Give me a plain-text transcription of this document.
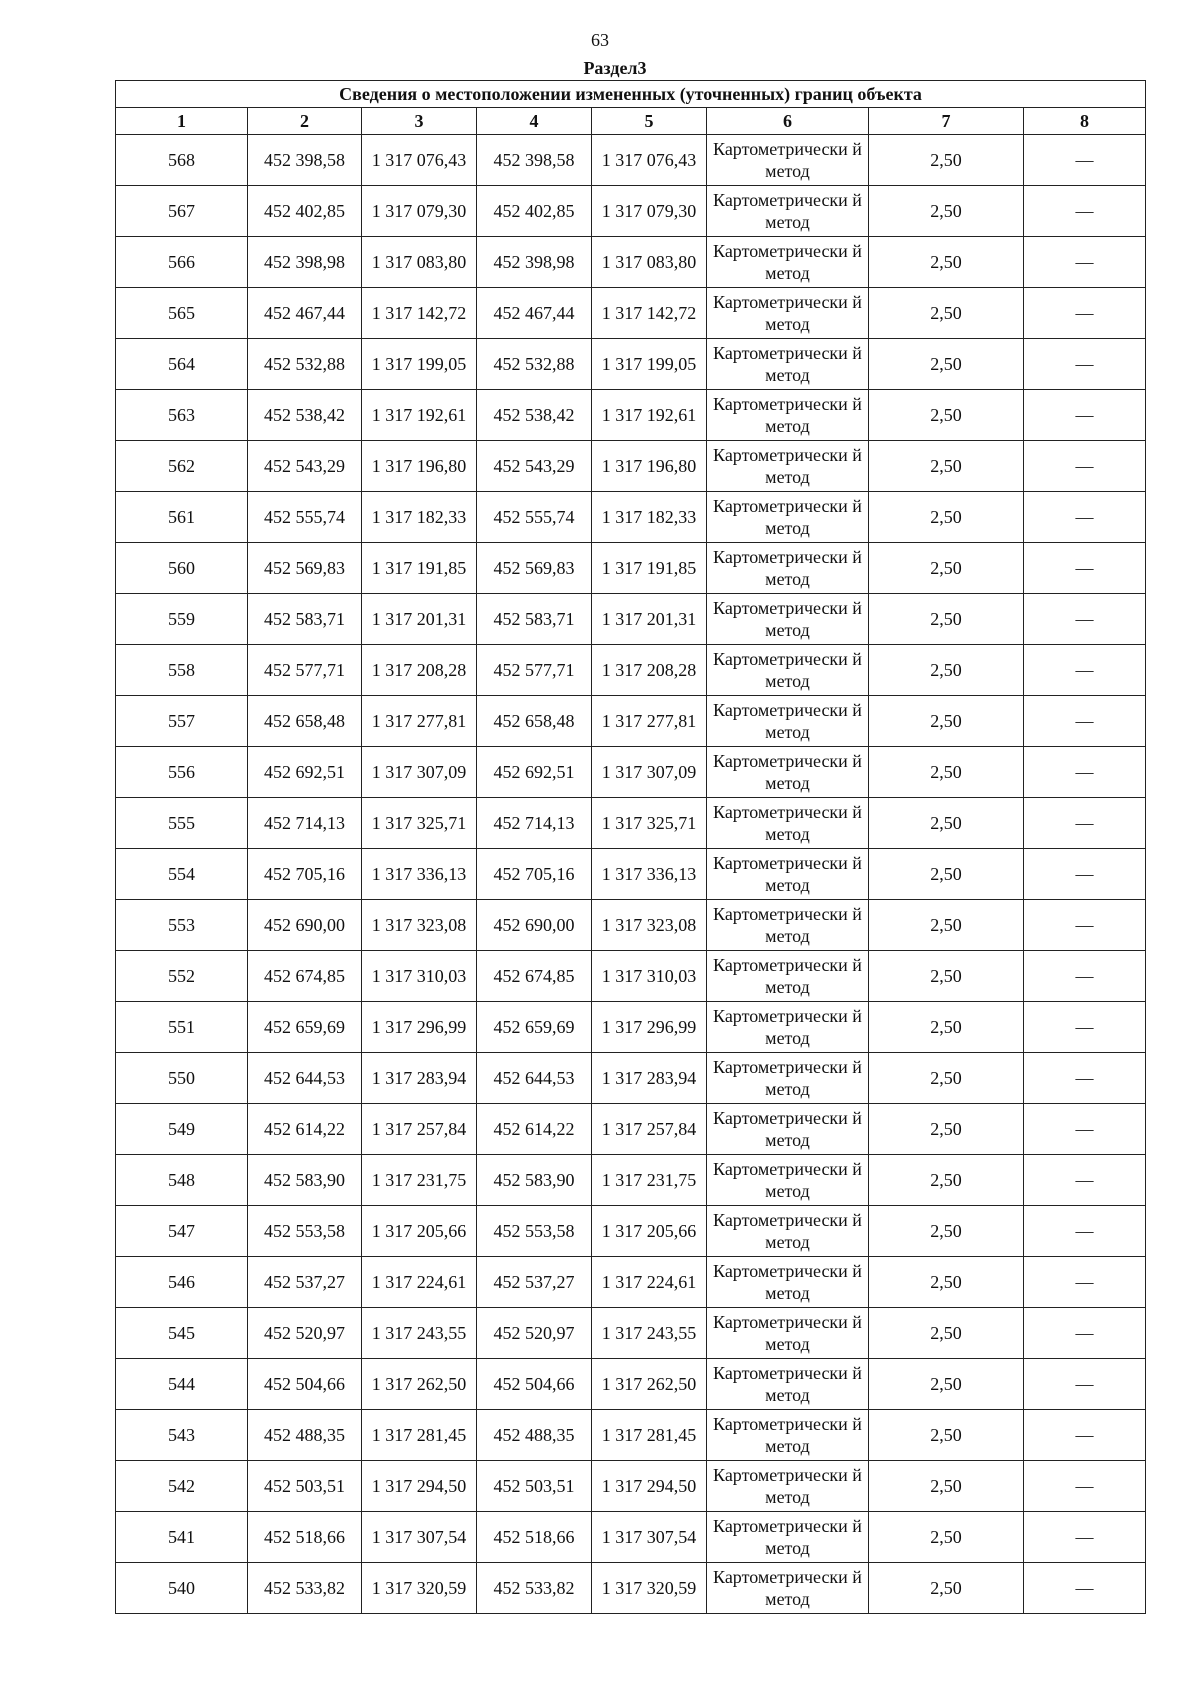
63
Раздел3
Сведения о местоположении измененных (уточненных) границ объекта							
1	2	3	4	5	6	7	8
568	452 398,58	1 317 076,43	452 398,58	1 317 076,43	Картометрически й метод	2,50	—
567	452 402,85	1 317 079,30	452 402,85	1 317 079,30	Картометрически й метод	2,50	—
566	452 398,98	1 317 083,80	452 398,98	1 317 083,80	Картометрически й метод	2,50	—
565	452 467,44	1 317 142,72	452 467,44	1 317 142,72	Картометрически й метод	2,50	—
564	452 532,88	1 317 199,05	452 532,88	1 317 199,05	Картометрически й метод	2,50	—
563	452 538,42	1 317 192,61	452 538,42	1 317 192,61	Картометрически й метод	2,50	—
562	452 543,29	1 317 196,80	452 543,29	1 317 196,80	Картометрически й метод	2,50	—
561	452 555,74	1 317 182,33	452 555,74	1 317 182,33	Картометрически й метод	2,50	—
560	452 569,83	1 317 191,85	452 569,83	1 317 191,85	Картометрически й метод	2,50	—
559	452 583,71	1 317 201,31	452 583,71	1 317 201,31	Картометрически й метод	2,50	—
558	452 577,71	1 317 208,28	452 577,71	1 317 208,28	Картометрически й метод	2,50	—
557	452 658,48	1 317 277,81	452 658,48	1 317 277,81	Картометрически й метод	2,50	—
556	452 692,51	1 317 307,09	452 692,51	1 317 307,09	Картометрически й метод	2,50	—
555	452 714,13	1 317 325,71	452 714,13	1 317 325,71	Картометрически й метод	2,50	—
554	452 705,16	1 317 336,13	452 705,16	1 317 336,13	Картометрически й метод	2,50	—
553	452 690,00	1 317 323,08	452 690,00	1 317 323,08	Картометрически й метод	2,50	—
552	452 674,85	1 317 310,03	452 674,85	1 317 310,03	Картометрически й метод	2,50	—
551	452 659,69	1 317 296,99	452 659,69	1 317 296,99	Картометрически й метод	2,50	—
550	452 644,53	1 317 283,94	452 644,53	1 317 283,94	Картометрически й метод	2,50	—
549	452 614,22	1 317 257,84	452 614,22	1 317 257,84	Картометрически й метод	2,50	—
548	452 583,90	1 317 231,75	452 583,90	1 317 231,75	Картометрически й метод	2,50	—
547	452 553,58	1 317 205,66	452 553,58	1 317 205,66	Картометрически й метод	2,50	—
546	452 537,27	1 317 224,61	452 537,27	1 317 224,61	Картометрически й метод	2,50	—
545	452 520,97	1 317 243,55	452 520,97	1 317 243,55	Картометрически й метод	2,50	—
544	452 504,66	1 317 262,50	452 504,66	1 317 262,50	Картометрически й метод	2,50	—
543	452 488,35	1 317 281,45	452 488,35	1 317 281,45	Картометрически й метод	2,50	—
542	452 503,51	1 317 294,50	452 503,51	1 317 294,50	Картометрически й метод	2,50	—
541	452 518,66	1 317 307,54	452 518,66	1 317 307,54	Картометрически й метод	2,50	—
540	452 533,82	1 317 320,59	452 533,82	1 317 320,59	Картометрически й метод	2,50	—
